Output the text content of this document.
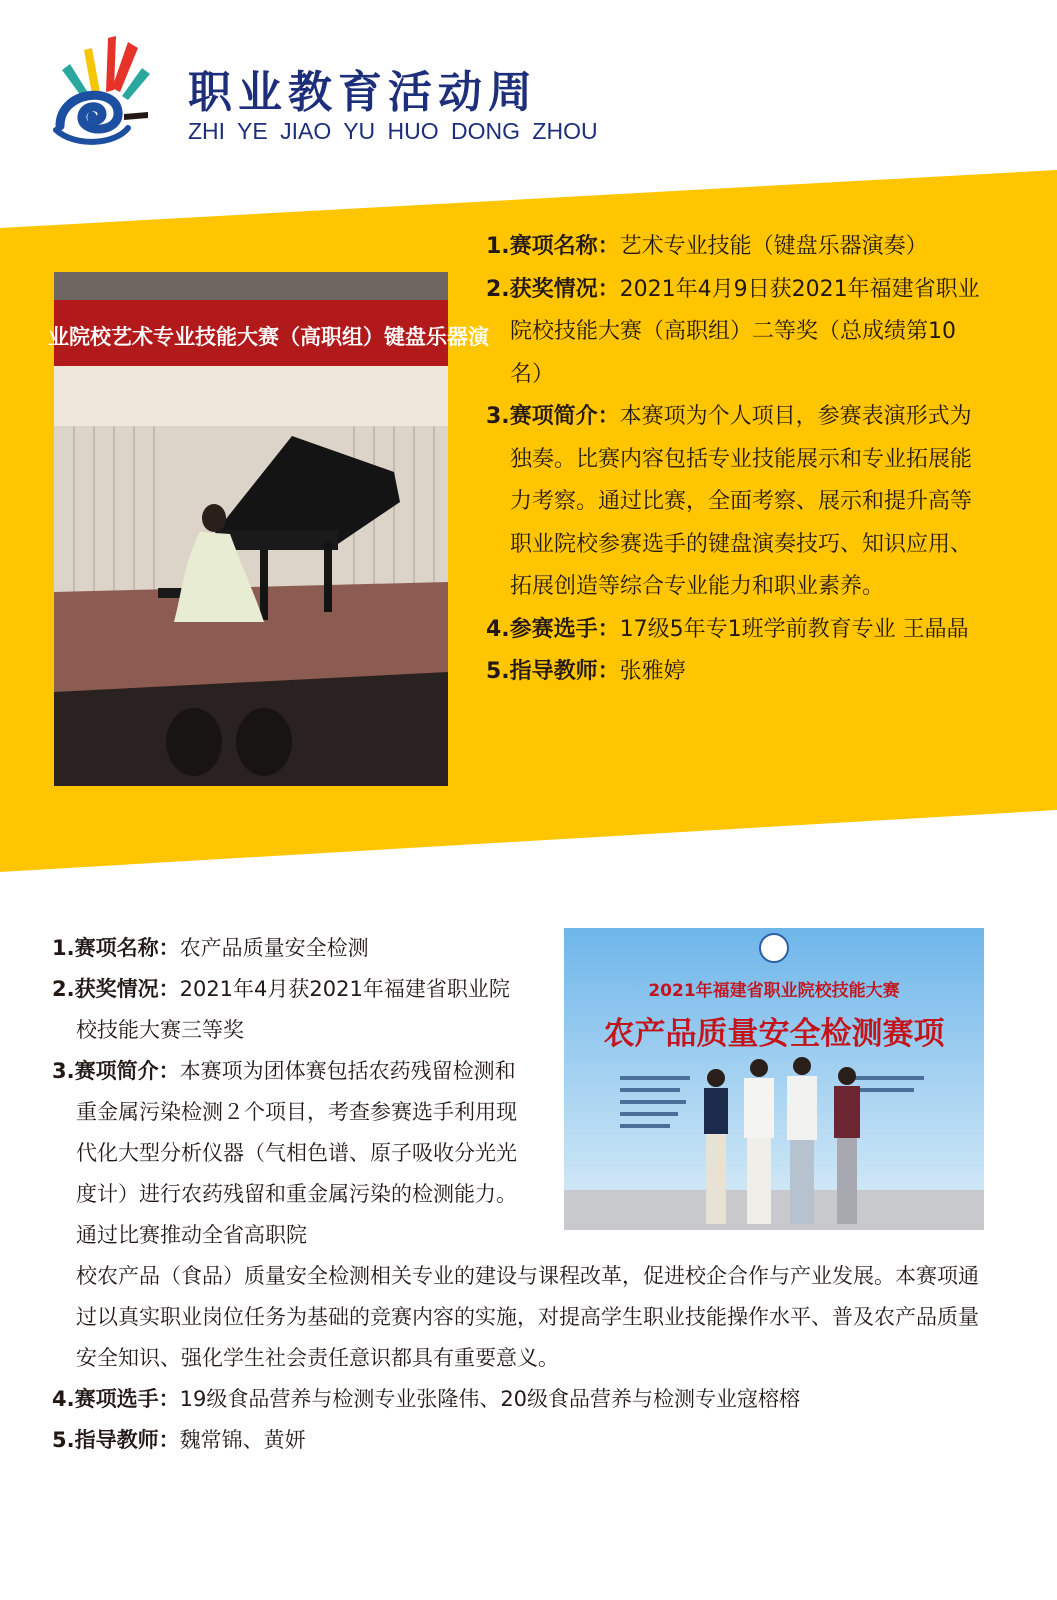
职业教育活动周
ZHI YE JIAO YU HUO DONG ZHOU
业院校艺术专业技能大赛（高职组）键盘乐器演
1.赛项名称：艺术专业技能（键盘乐器演奏）
2.获奖情况：2021年4月9日获2021年福建省职业院校技能大赛（高职组）二等奖（总成绩第10名）
3.赛项简介：本赛项为个人项目，参赛表演形式为独奏。比赛内容包括专业技能展示和专业拓展能力考察。通过比赛，全面考察、展示和提升高等职业院校参赛选手的键盘演奏技巧、知识应用、拓展创造等综合专业能力和职业素养。
4.参赛选手：17级5年专1班学前教育专业 王晶晶
5.指导教师：张雅婷
2021年福建省职业院校技能大赛
农产品质量安全检测赛项
1.赛项名称：农产品质量安全检测
2.获奖情况：2021年4月获2021年福建省职业院校技能大赛三等奖
3.赛项简介：本赛项为团体赛包括农药残留检测和重金属污染检测２个项目，考查参赛选手利用现代化大型分析仪器（气相色谱、原子吸收分光光度计）进行农药残留和重金属污染的检测能力。通过比赛推动全省高职院
校农产品（食品）质量安全检测相关专业的建设与课程改革，促进校企合作与产业发展。本赛项通过以真实职业岗位任务为基础的竞赛内容的实施，对提高学生职业技能操作水平、普及农产品质量安全知识、强化学生社会责任意识都具有重要意义。
4.赛项选手：19级食品营养与检测专业张隆伟、20级食品营养与检测专业寇榕榕
5.指导教师：魏常锦、黄妍
